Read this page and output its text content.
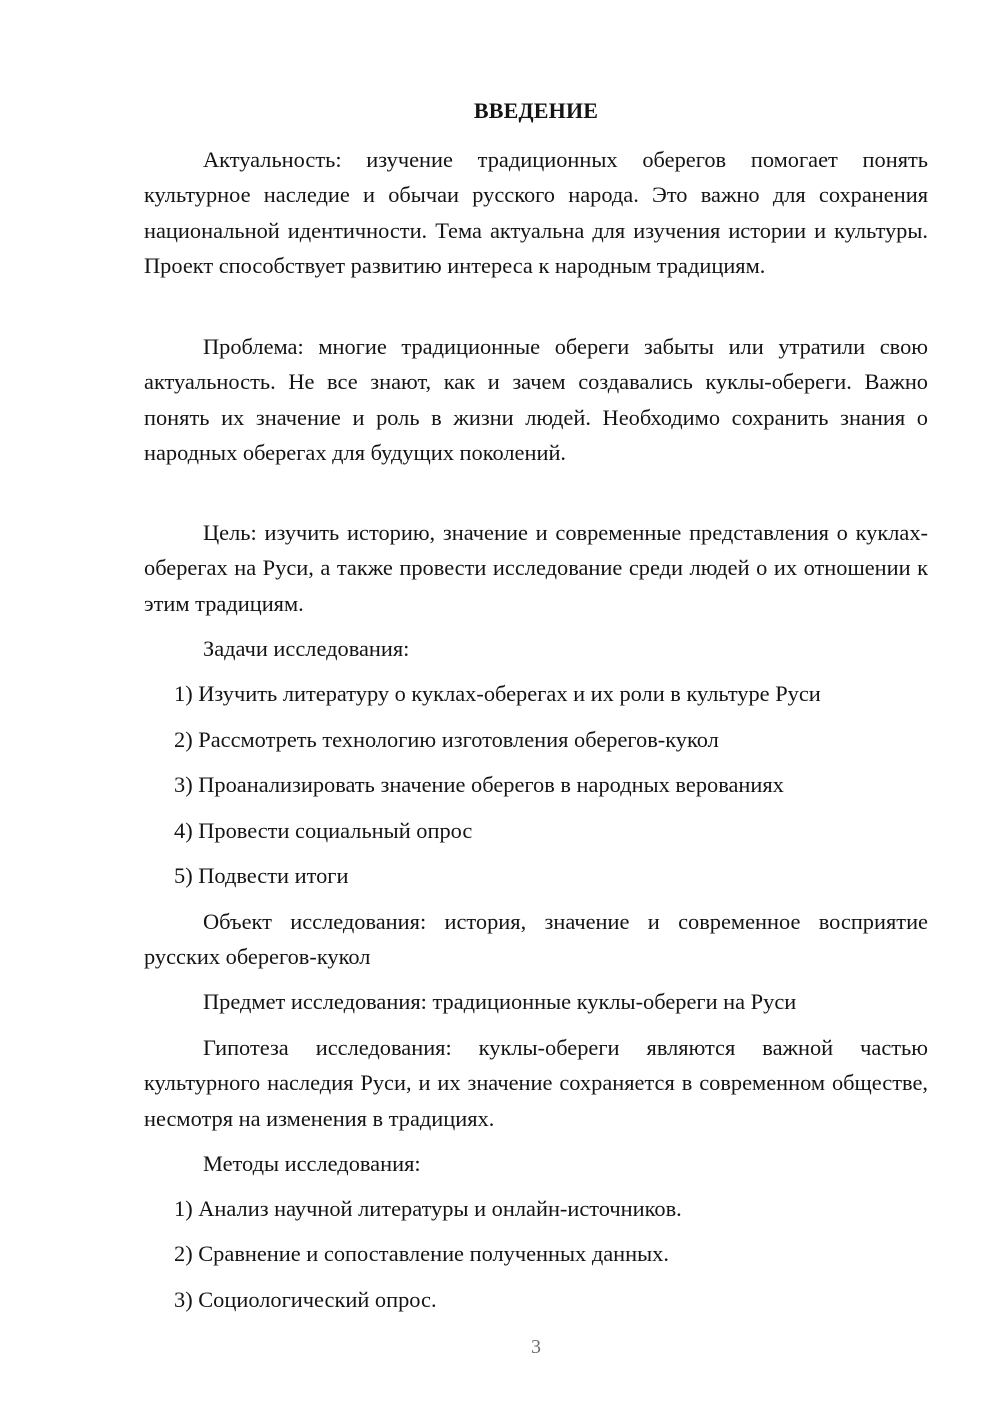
ВВЕДЕНИЕ

Актуальность: изучение традиционных оберегов помогает понять культурное наследие и обычаи русского народа. Это важно для сохранения национальной идентичности. Тема актуальна для изучения истории и культуры. Проект способствует развитию интереса к народным традициям.

Проблема: многие традиционные обереги забыты или утратили свою актуальность. Не все знают, как и зачем создавались куклы-обереги. Важно понять их значение и роль в жизни людей. Необходимо сохранить знания о народных оберегах для будущих поколений.

Цель: изучить историю, значение и современные представления о куклах-оберегах на Руси, а также провести исследование среди людей о их отношении к этим традициям.

Задачи исследования:

1) Изучить литературу о куклах-оберегах и их роли в культуре Руси

2) Рассмотреть технологию изготовления оберегов-кукол

3) Проанализировать значение оберегов в народных верованиях

4) Провести социальный опрос

5) Подвести итоги

Объект исследования: история, значение и современное восприятие русских оберегов-кукол

Предмет исследования: традиционные куклы-обереги на Руси

Гипотеза исследования: куклы-обереги являются важной частью культурного наследия Руси, и их значение сохраняется в современном обществе, несмотря на изменения в традициях.

Методы исследования:

1) Анализ научной литературы и онлайн-источников.

2) Сравнение и сопоставление полученных данных.

3) Социологический опрос.

3
